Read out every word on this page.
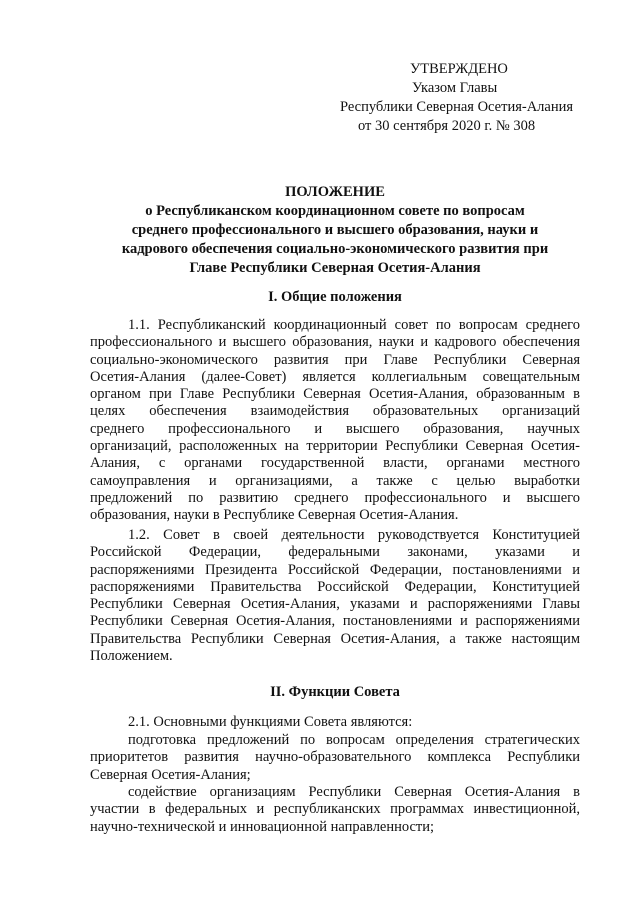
УТВЕРЖДЕНО
Указом Главы
Республики Северная Осетия-Алания
от 30 сентября 2020 г. № 308
ПОЛОЖЕНИЕ
о Республиканском координационном совете по вопросам
среднего профессионального и высшего образования, науки и
кадрового обеспечения социально-экономического развития при
Главе Республики Северная Осетия-Алания
I. Общие положения
1.1. Республиканский координационный совет по вопросам среднего
профессионального и высшего образования, науки и кадрового обеспечения
социально-экономического развития при Главе Республики Северная
Осетия-Алания (далее-Совет) является коллегиальным совещательным
органом при Главе Республики Северная Осетия-Алания, образованным в
целях обеспечения взаимодействия образовательных организаций
среднего профессионального и высшего образования, научных
организаций, расположенных на территории Республики Северная Осетия-
Алания, с органами государственной власти, органами местного
самоуправления и организациями, а также с целью выработки
предложений по развитию среднего профессионального и высшего
образования, науки в Республике Северная Осетия-Алания.
1.2. Совет в своей деятельности руководствуется Конституцией
Российской Федерации, федеральными законами, указами и
распоряжениями Президента Российской Федерации, постановлениями и
распоряжениями Правительства Российской Федерации, Конституцией
Республики Северная Осетия-Алания, указами и распоряжениями Главы
Республики Северная Осетия-Алания, постановлениями и распоряжениями
Правительства Республики Северная Осетия-Алания, а также настоящим
Положением.
II. Функции Совета
2.1. Основными функциями Совета являются:
подготовка предложений по вопросам определения стратегических
приоритетов развития научно-образовательного комплекса Республики
Северная Осетия-Алания;
содействие организациям Республики Северная Осетия-Алания в
участии в федеральных и республиканских программах инвестиционной,
научно-технической и инновационной направленности;
